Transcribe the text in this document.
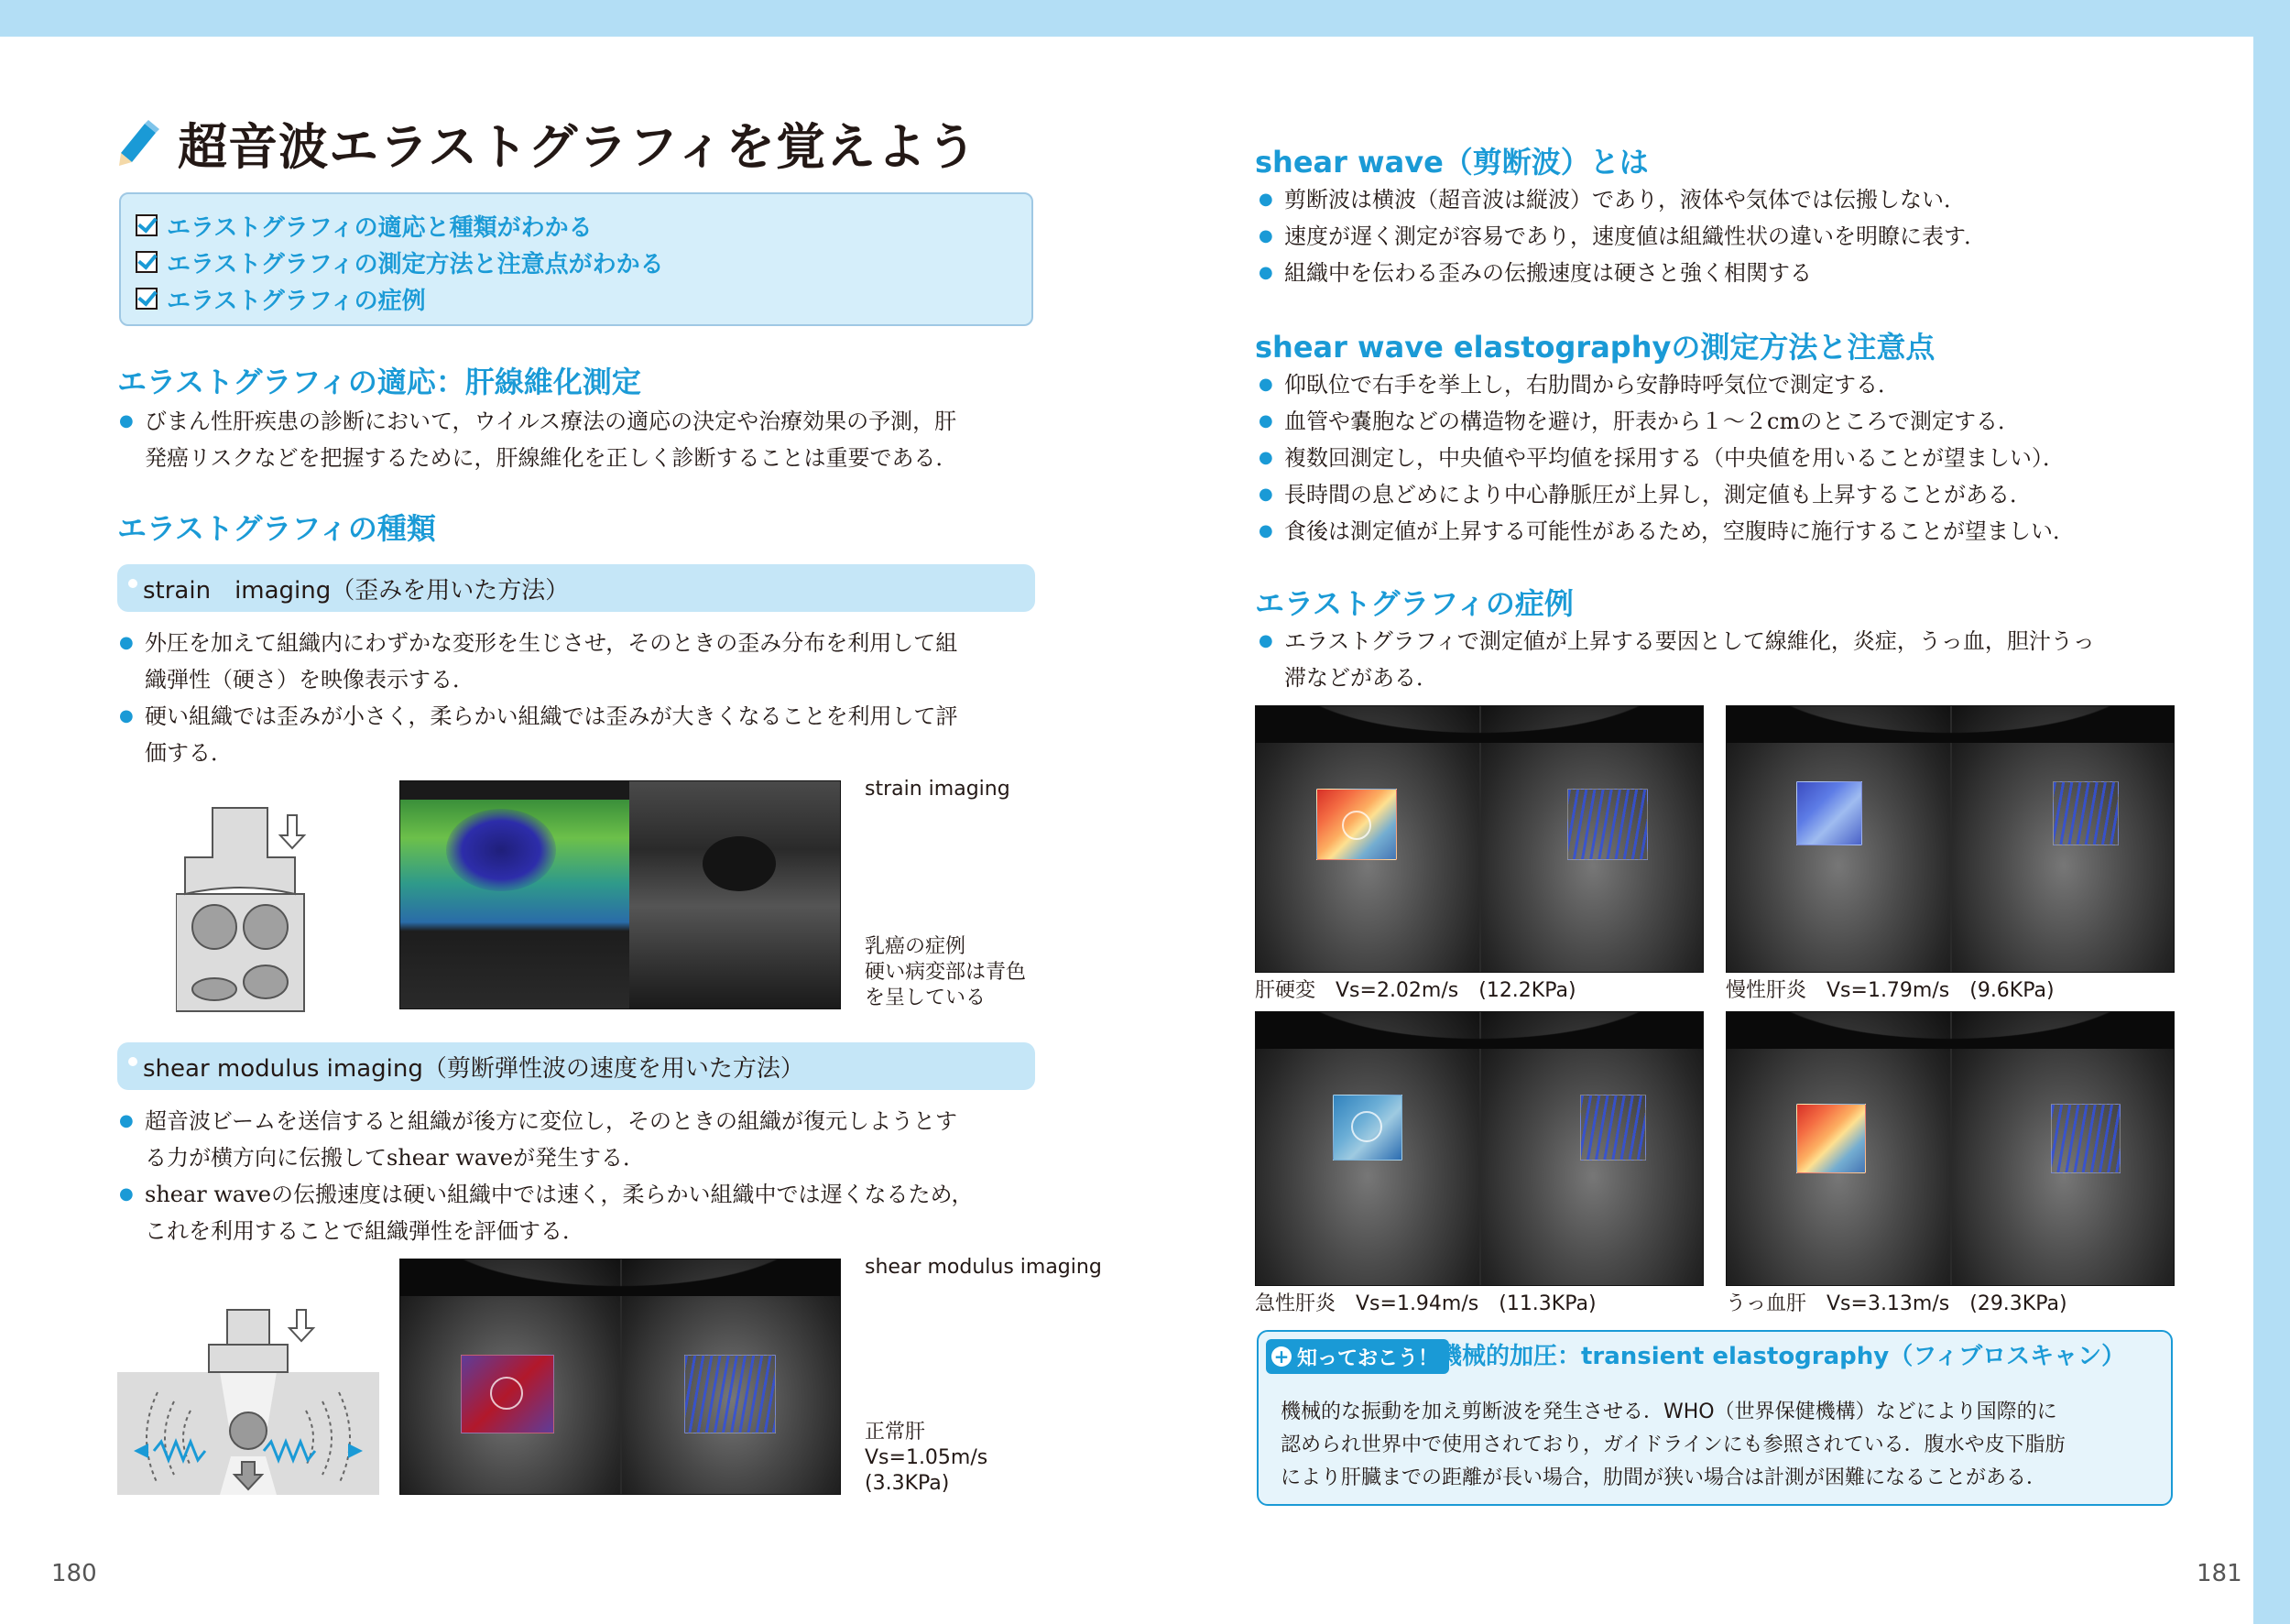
超音波エラストグラフィを覚えよう
エラストグラフィの適応と種類がわかる
エラストグラフィの測定方法と注意点がわかる
エラストグラフィの症例
エラストグラフィの適応：肝線維化測定
● びまん性肝疾患の診断において，ウイルス療法の適応の決定や治療効果の予測，肝
発癌リスクなどを把握するために，肝線維化を正しく診断することは重要である．
エラストグラフィの種類
strain　imaging（歪みを用いた方法）
● 外圧を加えて組織内にわずかな変形を生じさせ，そのときの歪み分布を利用して組
織弾性（硬さ）を映像表示する．
● 硬い組織では歪みが小さく，柔らかい組織では歪みが大きくなることを利用して評
価する．
strain imaging
乳癌の症例
硬い病変部は青色
を呈している
shear modulus imaging（剪断弾性波の速度を用いた方法）
● 超音波ビームを送信すると組織が後方に変位し，そのときの組織が復元しようとす
る力が横方向に伝搬してshear waveが発生する．
● shear waveの伝搬速度は硬い組織中では速く，柔らかい組織中では遅くなるため，
これを利用することで組織弾性を評価する．
shear modulus imaging
正常肝
Vs=1.05m/s
(3.3KPa)
180
shear wave（剪断波）とは
● 剪断波は横波（超音波は縦波）であり，液体や気体では伝搬しない．
● 速度が遅く測定が容易であり，速度値は組織性状の違いを明瞭に表す．
● 組織中を伝わる歪みの伝搬速度は硬さと強く相関する
shear wave elastographyの測定方法と注意点
● 仰臥位で右手を挙上し，右肋間から安静時呼気位で測定する．
● 血管や嚢胞などの構造物を避け，肝表から１～２cmのところで測定する．
● 複数回測定し，中央値や平均値を採用する（中央値を用いることが望ましい）．
● 長時間の息どめにより中心静脈圧が上昇し，測定値も上昇することがある．
● 食後は測定値が上昇する可能性があるため，空腹時に施行することが望ましい．
エラストグラフィの症例
● エラストグラフィで測定値が上昇する要因として線維化，炎症，うっ血，胆汁うっ
滞などがある．
肝硬変　Vs=2.02m/s　(12.2KPa)	慢性肝炎　Vs=1.79m/s　(9.6KPa)
急性肝炎　Vs=1.94m/s　(11.3KPa)	うっ血肝　Vs=3.13m/s　(29.3KPa)
+ 知っておこう！ 機械的加圧：transient elastography（フィブロスキャン）
機械的な振動を加え剪断波を発生させる．WHO（世界保健機構）などにより国際的に
認められ世界中で使用されており，ガイドラインにも参照されている．腹水や皮下脂肪
により肝臓までの距離が長い場合，肋間が狭い場合は計測が困難になることがある．
181
